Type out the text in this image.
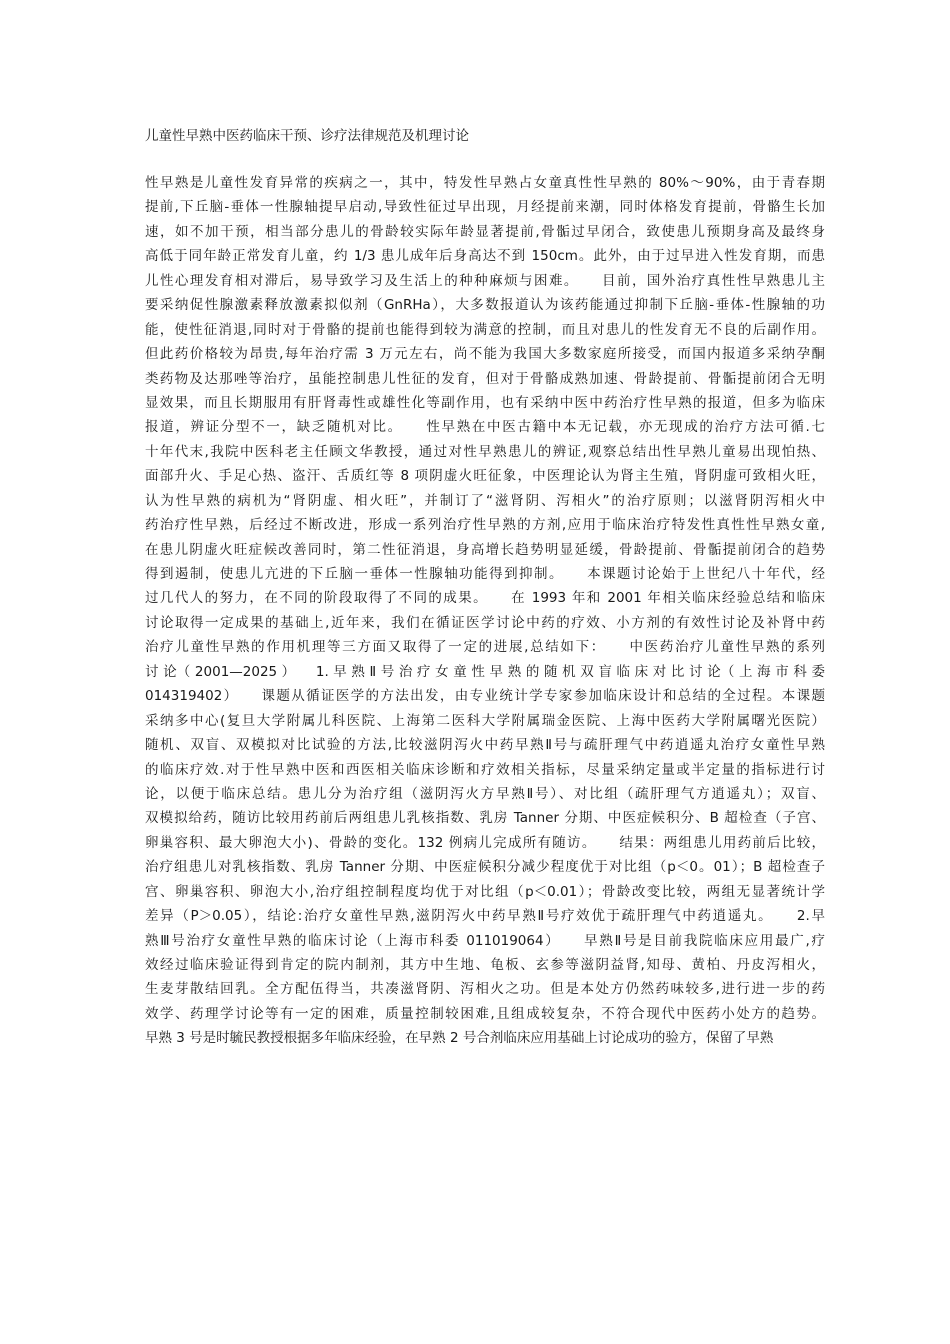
儿童性早熟中医药临床干预、诊疗法律规范及机理讨论
性早熟是儿童性发育异常的疾病之一，其中，特发性早熟占女童真性性早熟的 80%～90%，由于青春期
提前,下丘脑-垂体一性腺轴提早启动,导致性征过早出现，月经提前来潮，同时体格发育提前，骨骼生长加
速，如不加干预，相当部分患儿的骨龄较实际年龄显著提前,骨骺过早闭合，致使患儿预期身高及最终身
高低于同年龄正常发育儿童，约 1/3 患儿成年后身高达不到 150cm。此外，由于过早进入性发育期，而患
儿性心理发育相对滞后，易导致学习及生活上的种种麻烦与困难。　　目前，国外治疗真性性早熟患儿主
要采纳促性腺激素释放激素拟似剂（GnRHa），大多数报道认为该药能通过抑制下丘脑-垂体-性腺轴的功
能，使性征消退,同时对于骨骼的提前也能得到较为满意的控制，而且对患儿的性发育无不良的后副作用。
但此药价格较为昂贵,每年治疗需 3 万元左右，尚不能为我国大多数家庭所接受，而国内报道多采纳孕酮
类药物及达那唑等治疗，虽能控制患儿性征的发育，但对于骨骼成熟加速、骨龄提前、骨骺提前闭合无明
显效果，而且长期服用有肝肾毒性或雄性化等副作用，也有采纳中医中药治疗性早熟的报道，但多为临床
报道，辨证分型不一，缺乏随机对比。　　性早熟在中医古籍中本无记载，亦无现成的治疗方法可循.七
十年代末,我院中医科老主任顾文华教授，通过对性早熟患儿的辨证,观察总结出性早熟儿童易出现怕热、
面部升火、手足心热、盗汗、舌质红等 8 项阴虚火旺征象，中医理论认为肾主生殖，肾阴虚可致相火旺，
认为性早熟的病机为“肾阴虚、相火旺”，并制订了“滋肾阴、泻相火”的治疗原则；以滋肾阴泻相火中
药治疗性早熟，后经过不断改进，形成一系列治疗性早熟的方剂,应用于临床治疗特发性真性性早熟女童,
在患儿阴虚火旺症候改善同时，第二性征消退，身高增长趋势明显延缓，骨龄提前、骨骺提前闭合的趋势
得到遏制，使患儿亢进的下丘脑一垂体一性腺轴功能得到抑制。　　本课题讨论始于上世纪八十年代，经
过几代人的努力，在不同的阶段取得了不同的成果。　　在 1993 年和 2001 年相关临床经验总结和临床
讨论取得一定成果的基础上,近年来，我们在循证医学讨论中药的疗效、小方剂的有效性讨论及补肾中药
治疗儿童性早熟的作用机理等三方面又取得了一定的进展,总结如下：　　中医药治疗儿童性早熟的系列
讨 论（ 2001—2025 ）　　1. 早 熟 Ⅱ 号 治 疗 女 童 性 早 熟 的 随 机 双 盲 临 床 对 比 讨 论（ 上 海 市 科 委
014319402）　　课题从循证医学的方法出发，由专业统计学专家参加临床设计和总结的全过程。本课题
采纳多中心(复旦大学附属儿科医院、上海第二医科大学附属瑞金医院、上海中医药大学附属曙光医院）
随机、双盲、双模拟对比试验的方法,比较滋阴泻火中药早熟Ⅱ号与疏肝理气中药逍遥丸治疗女童性早熟
的临床疗效.对于性早熟中医和西医相关临床诊断和疗效相关指标，尽量采纳定量或半定量的指标进行讨
论，以便于临床总结。患儿分为治疗组（滋阴泻火方早熟Ⅱ号）、对比组（疏肝理气方逍遥丸）；双盲、
双模拟给药，随访比较用药前后两组患儿乳核指数、乳房 Tanner 分期、中医症候积分、B 超检查（子宫、
卵巢容积、最大卵泡大小)、骨龄的变化。132 例病儿完成所有随访。　　结果：两组患儿用药前后比较，
治疗组患儿对乳核指数、乳房 Tanner 分期、中医症候积分减少程度优于对比组（p＜0。01）；B 超检查子
宫、卵巢容积、卵泡大小,治疗组控制程度均优于对比组（p＜0.01）；骨龄改变比较，两组无显著统计学
差异（P＞0.05），结论:治疗女童性早熟,滋阴泻火中药早熟Ⅱ号疗效优于疏肝理气中药逍遥丸。　　2.早
熟Ⅲ号治疗女童性早熟的临床讨论（上海市科委 011019064）　　早熟Ⅱ号是目前我院临床应用最广,疗
效经过临床验证得到肯定的院内制剂，其方中生地、龟板、玄参等滋阴益肾,知母、黄柏、丹皮泻相火，
生麦芽散结回乳。全方配伍得当，共凑滋肾阴、泻相火之功。但是本处方仍然药味较多,进行进一步的药
效学、药理学讨论等有一定的困难，质量控制较困难,且组成较复杂，不符合现代中医药小处方的趋势。
早熟 3 号是时毓民教授根据多年临床经验，在早熟 2 号合剂临床应用基础上讨论成功的验方，保留了早熟
